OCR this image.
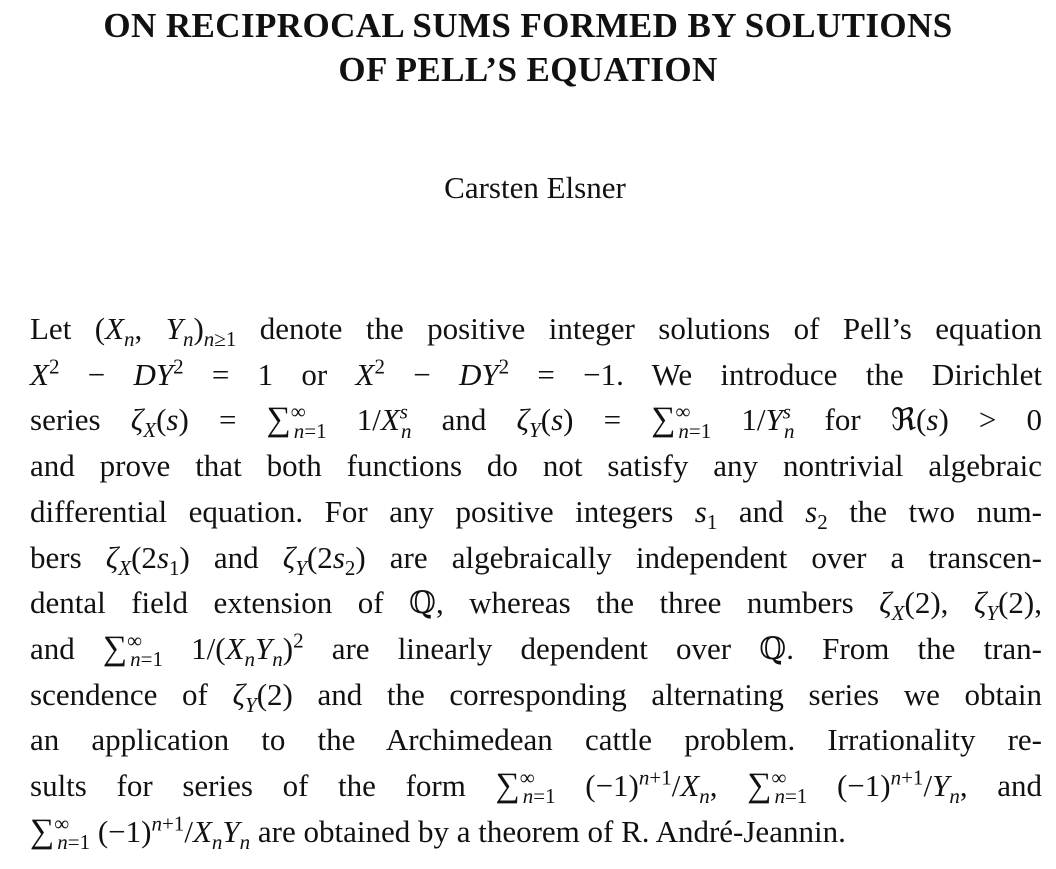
ON RECIPROCAL SUMS FORMED BY SOLUTIONS
OF PELL’S EQUATION
Carsten Elsner
Let ($X_n$, $Y_n)_{n\ge 1}$ denote the positive integer solutions of Pell’s equation
$X^2 - DY^2 = 1$ or $X^2 - DY^2 = -1$. We introduce the Dirichlet
series $\zeta_X(s) = \sum^\infty_{n=1}$ $1/X^s_n$ and $\zeta_Y(s) = \sum^\infty_{n=1}$ $1/Y^s_n$ for ℜ(s) > 0
and prove that both functions do not satisfy any nontrivial algebraic
differential equation. For any positive integers $s_1$ and $s_2$ the two num-
bers $\zeta_X(2s_1)$ and $\zeta_Y(2s_2)$ are algebraically independent over a transcen-
dental field extension of ℚ, whereas the three numbers $\zeta_X(2)$, $\zeta_Y(2)$,
and $\sum^\infty_{n=1}$ $1/(X_nY_n)^2$ are linearly dependent over ℚ. From the tran-
scendence of $\zeta_Y(2)$ and the corresponding alternating series we obtain
an application to the Archimedean cattle problem. Irrationality re-
sults for series of the form $\sum^\infty_{n=1}$ $(-1)^{n+1}/X_n$, $\sum^\infty_{n=1}$ $(-1)^{n+1}/Y_n$, and
$\sum^\infty_{n=1}$ $(-1)^{n+1}/X_nY_n$ are obtained by a theorem of R. André-Jeannin.
